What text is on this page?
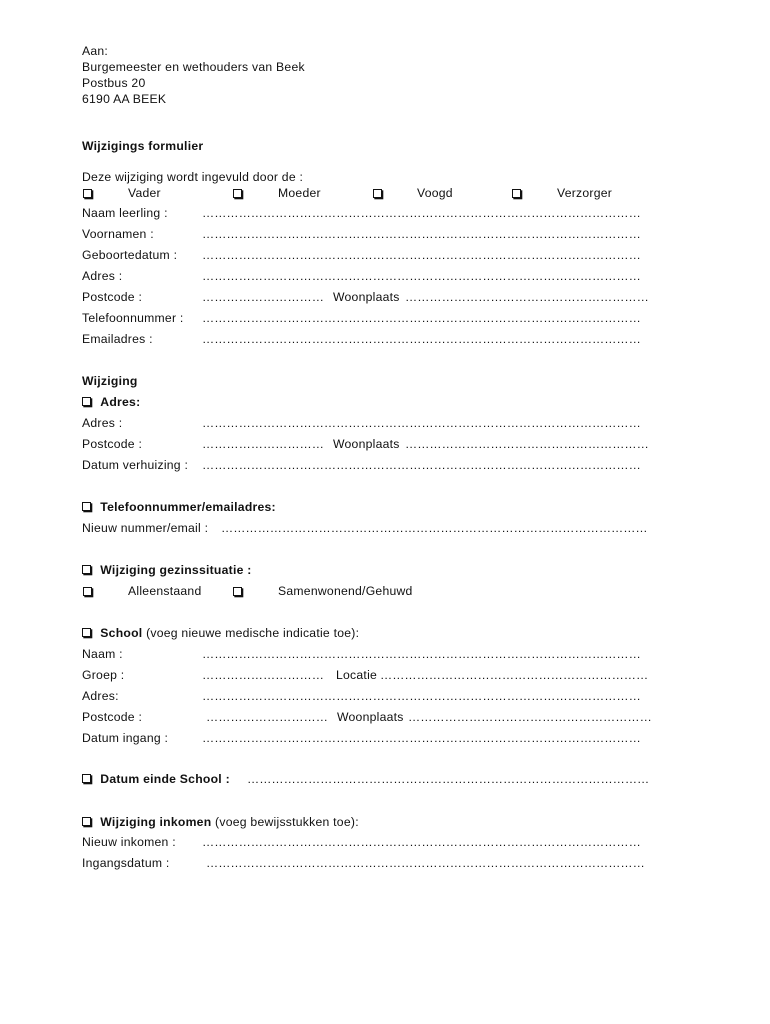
Aan:
Burgemeester en wethouders van Beek
Postbus 20
6190 AA BEEK
Wijzigings formulier
Deze wijziging wordt ingevuld door de :
Vader	Moeder	Voogd	Verzorger
Naam leerling :	………………………………………………………………………………………………
Voornamen :	………………………………………………………………………………………………
Geboortedatum : ………………………………………………………………………………………………
Adres :	………………………………………………………………………………………………
Postcode :	………………………… Woonplaats ……………………………………………………
Telefoonnummer : ………………………………………………………………………………………………
Emailadres :	………………………………………………………………………………………………
Wijziging
Adres:
Adres :	………………………………………………………………………………………………
Postcode :	………………………… Woonplaats ……………………………………………………
Datum verhuizing : ………………………………………………………………………………………………
Telefoonnummer/emailadres:
Nieuw nummer/email : ……………………………………………………………………………………………
Wijziging gezinssituatie :
Alleenstaand	Samenwonend/Gehuwd
School (voeg nieuwe medische indicatie toe):
Naam :	………………………………………………………………………………………………
Groep :	………………………… Locatie …………………………………………………………
Adres:	………………………………………………………………………………………………
Postcode :	………………………… Woonplaats ……………………………………………………
Datum ingang :	………………………………………………………………………………………………
Datum einde School : ………………………………………………………………………………………
Wijziging inkomen (voeg bewijsstukken toe):
Nieuw inkomen : ………………………………………………………………………………………………
Ingangsdatum :	………………………………………………………………………………………………
